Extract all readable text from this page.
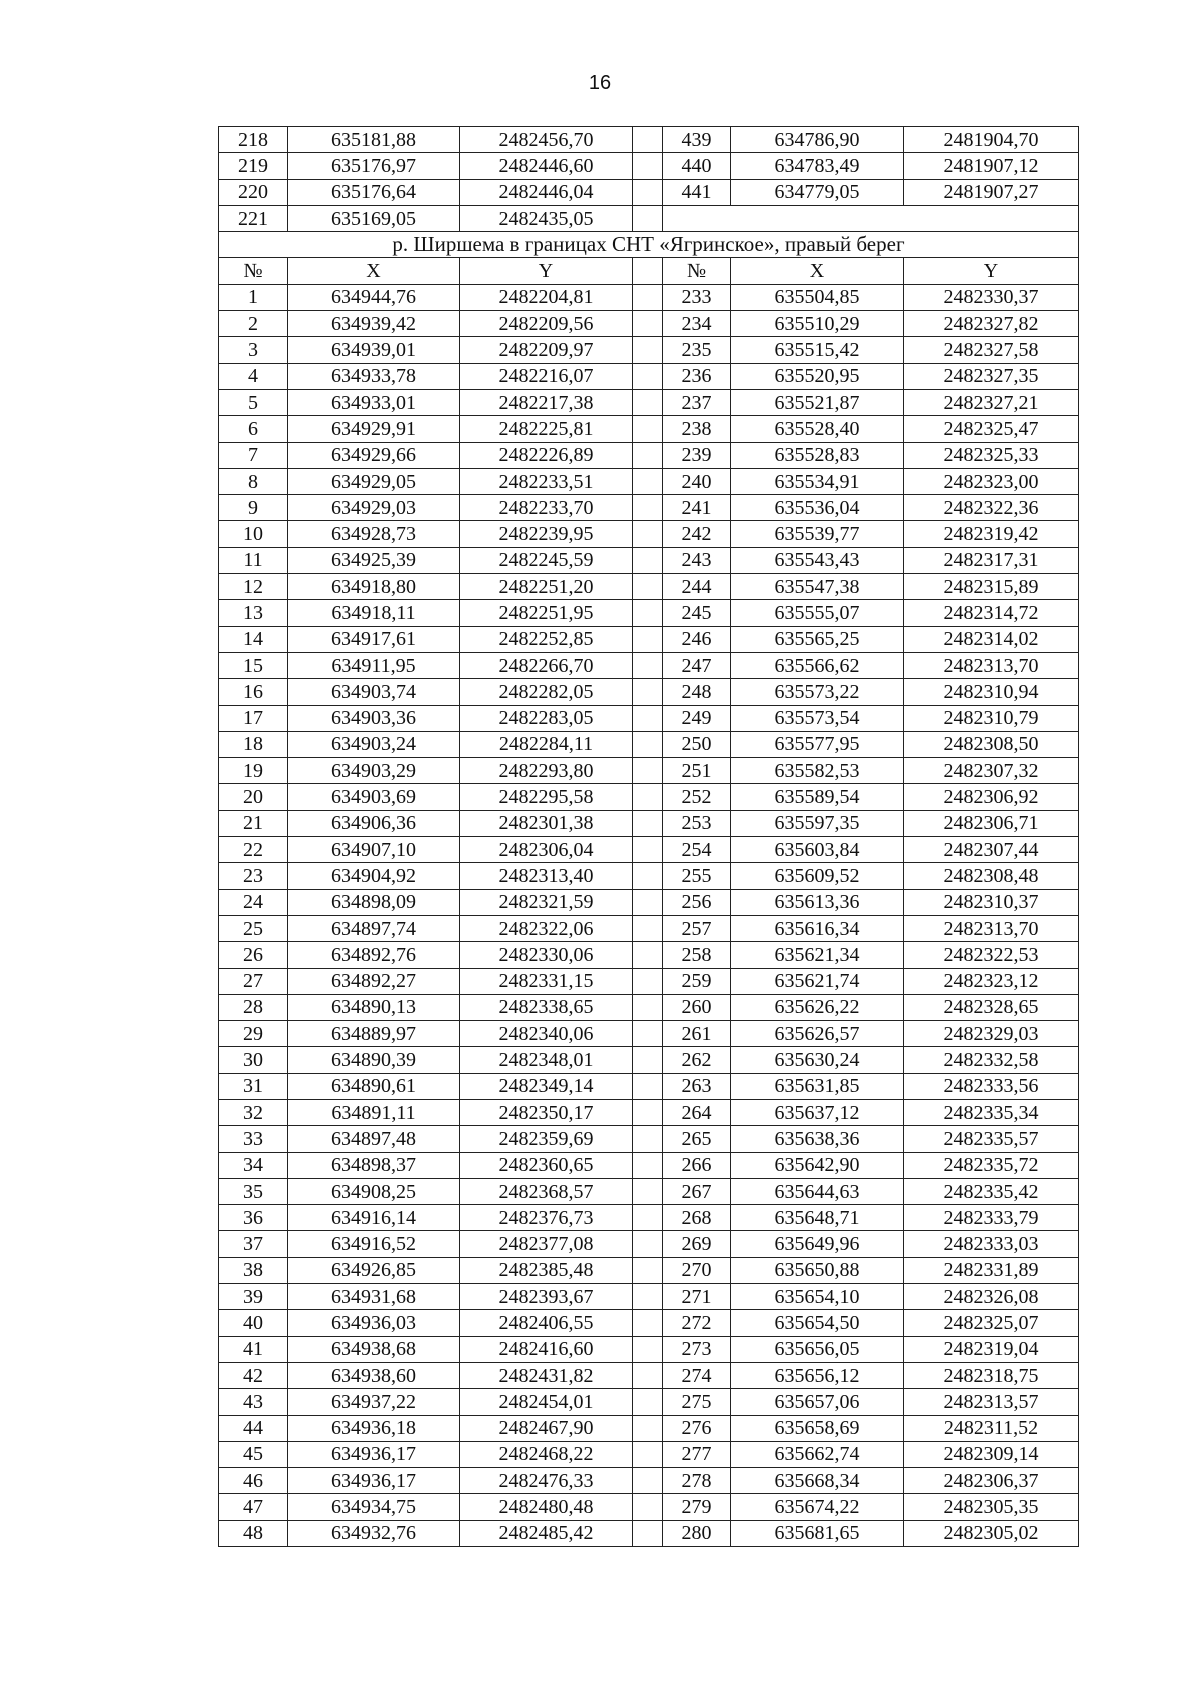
16
218	635181,88	2482456,70		439	634786,90	2481904,70
219	635176,97	2482446,60		440	634783,49	2481907,12
220	635176,64	2482446,04		441	634779,05	2481907,27
221	635169,05	2482435,05				
р. Ширшема в границах СНТ «Ягринское», правый берег						
№	X	Y		№	X	Y
1	634944,76	2482204,81		233	635504,85	2482330,37
2	634939,42	2482209,56		234	635510,29	2482327,82
3	634939,01	2482209,97		235	635515,42	2482327,58
4	634933,78	2482216,07		236	635520,95	2482327,35
5	634933,01	2482217,38		237	635521,87	2482327,21
6	634929,91	2482225,81		238	635528,40	2482325,47
7	634929,66	2482226,89		239	635528,83	2482325,33
8	634929,05	2482233,51		240	635534,91	2482323,00
9	634929,03	2482233,70		241	635536,04	2482322,36
10	634928,73	2482239,95		242	635539,77	2482319,42
11	634925,39	2482245,59		243	635543,43	2482317,31
12	634918,80	2482251,20		244	635547,38	2482315,89
13	634918,11	2482251,95		245	635555,07	2482314,72
14	634917,61	2482252,85		246	635565,25	2482314,02
15	634911,95	2482266,70		247	635566,62	2482313,70
16	634903,74	2482282,05		248	635573,22	2482310,94
17	634903,36	2482283,05		249	635573,54	2482310,79
18	634903,24	2482284,11		250	635577,95	2482308,50
19	634903,29	2482293,80		251	635582,53	2482307,32
20	634903,69	2482295,58		252	635589,54	2482306,92
21	634906,36	2482301,38		253	635597,35	2482306,71
22	634907,10	2482306,04		254	635603,84	2482307,44
23	634904,92	2482313,40		255	635609,52	2482308,48
24	634898,09	2482321,59		256	635613,36	2482310,37
25	634897,74	2482322,06		257	635616,34	2482313,70
26	634892,76	2482330,06		258	635621,34	2482322,53
27	634892,27	2482331,15		259	635621,74	2482323,12
28	634890,13	2482338,65		260	635626,22	2482328,65
29	634889,97	2482340,06		261	635626,57	2482329,03
30	634890,39	2482348,01		262	635630,24	2482332,58
31	634890,61	2482349,14		263	635631,85	2482333,56
32	634891,11	2482350,17		264	635637,12	2482335,34
33	634897,48	2482359,69		265	635638,36	2482335,57
34	634898,37	2482360,65		266	635642,90	2482335,72
35	634908,25	2482368,57		267	635644,63	2482335,42
36	634916,14	2482376,73		268	635648,71	2482333,79
37	634916,52	2482377,08		269	635649,96	2482333,03
38	634926,85	2482385,48		270	635650,88	2482331,89
39	634931,68	2482393,67		271	635654,10	2482326,08
40	634936,03	2482406,55		272	635654,50	2482325,07
41	634938,68	2482416,60		273	635656,05	2482319,04
42	634938,60	2482431,82		274	635656,12	2482318,75
43	634937,22	2482454,01		275	635657,06	2482313,57
44	634936,18	2482467,90		276	635658,69	2482311,52
45	634936,17	2482468,22		277	635662,74	2482309,14
46	634936,17	2482476,33		278	635668,34	2482306,37
47	634934,75	2482480,48		279	635674,22	2482305,35
48	634932,76	2482485,42		280	635681,65	2482305,02
